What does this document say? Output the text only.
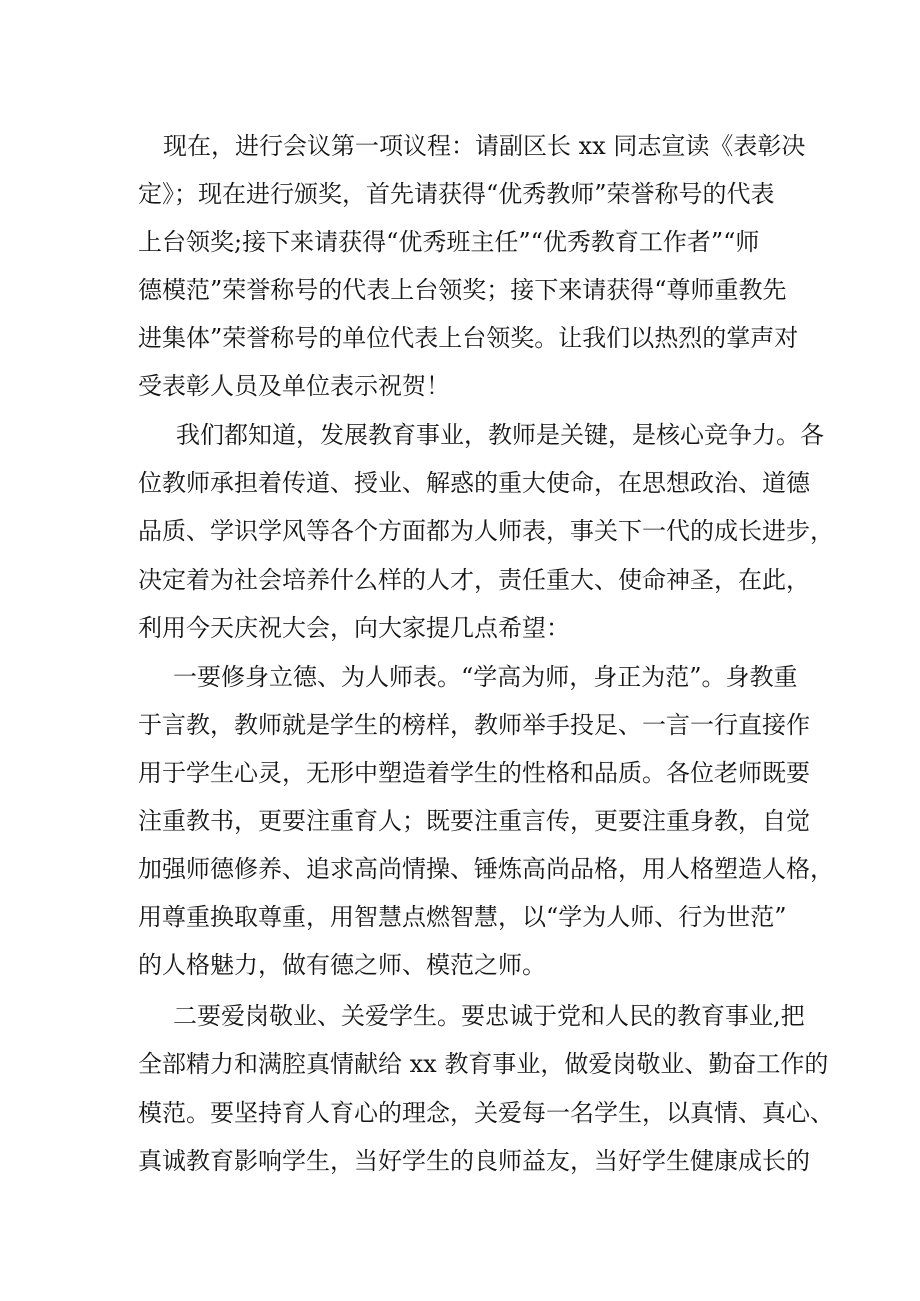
现在，进行会议第一项议程：请副区长 xx 同志宣读《表彰决
定》；现在进行颁奖，首先请获得“优秀教师”荣誉称号的代表
上台领奖;接下来请获得“优秀班主任”“优秀教育工作者”“师
德模范”荣誉称号的代表上台领奖；接下来请获得“尊师重教先
进集体”荣誉称号的单位代表上台领奖。让我们以热烈的掌声对
受表彰人员及单位表示祝贺！
我们都知道，发展教育事业，教师是关键，是核心竞争力。各
位教师承担着传道、授业、解惑的重大使命，在思想政治、道德
品质、学识学风等各个方面都为人师表，事关下一代的成长进步，
决定着为社会培养什么样的人才，责任重大、使命神圣，在此，
利用今天庆祝大会，向大家提几点希望：
一要修身立德、为人师表。“学高为师，身正为范”。身教重
于言教，教师就是学生的榜样，教师举手投足、一言一行直接作
用于学生心灵，无形中塑造着学生的性格和品质。各位老师既要
注重教书，更要注重育人；既要注重言传，更要注重身教，自觉
加强师德修养、追求高尚情操、锤炼高尚品格，用人格塑造人格，
用尊重换取尊重，用智慧点燃智慧，以“学为人师、行为世范”
的人格魅力，做有德之师、模范之师。
二要爱岗敬业、关爱学生。要忠诚于党和人民的教育事业,把
全部精力和满腔真情献给 xx 教育事业，做爱岗敬业、勤奋工作的
模范。要坚持育人育心的理念，关爱每一名学生，以真情、真心、
真诚教育影响学生，当好学生的良师益友，当好学生健康成长的
